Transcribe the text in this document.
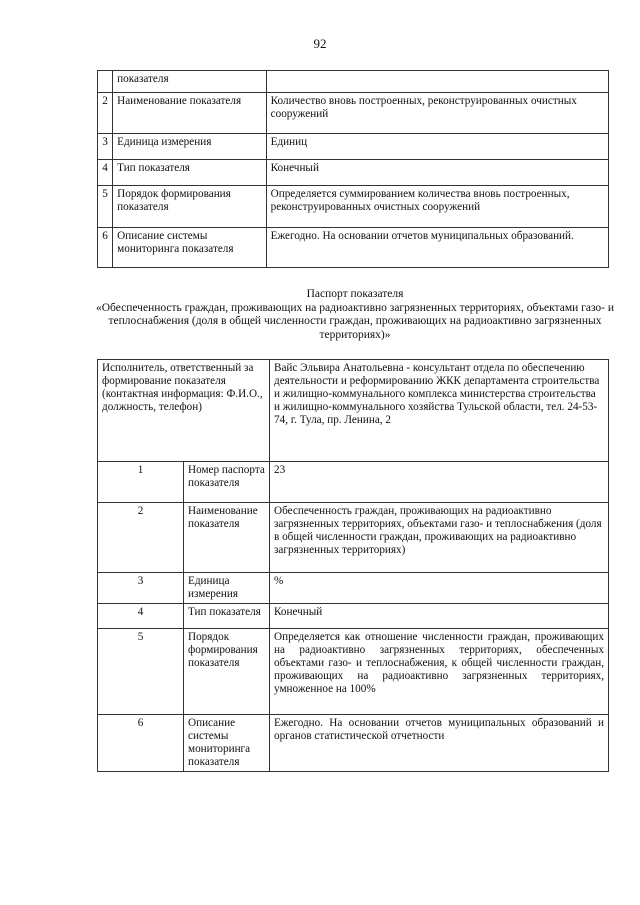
92
	показателя	
2	Наименование показателя	Количество вновь построенных, реконструированных очистных сооружений
3	Единица измерения	Единиц
4	Тип показателя	Конечный
5	Порядок формирования показателя	Определяется суммированием количества вновь построенных, реконструированных очистных сооружений
6	Описание системы мониторинга показателя	Ежегодно. На основании отчетов муниципальных образований.
Паспорт показателя
«Обеспеченность граждан, проживающих на радиоактивно загрязненных территориях, объектами газо- и теплоснабжения (доля в общей численности граждан, проживающих на радиоактивно загрязненных территориях)»
Исполнитель, ответственный за формирование показателя (контактная информация: Ф.И.О., должность, телефон)		Вайс Эльвира Анатольевна - консультант отдела по обеспечению деятельности и реформированию ЖКК департамента строительства и жилищно-коммунального комплекса министерства строительства и жилищно-коммунального хозяйства Тульской области, тел. 24-53-74, г. Тула, пр. Ленина, 2
1	Номер паспорта показателя	23
2	Наименование показателя	Обеспеченность граждан, проживающих на радиоактивно загрязненных территориях, объектами газо- и теплоснабжения (доля в общей численности граждан, проживающих на радиоактивно загрязненных территориях)
3	Единица измерения	%
4	Тип показателя	Конечный
5	Порядок формирования показателя	Определяется как отношение численности граждан, проживающих на радиоактивно загрязненных территориях, обеспеченных объектами газо- и теплоснабжения, к общей численности граждан, проживающих на радиоактивно загрязненных территориях, умноженное на 100%
6	Описание системы мониторинга показателя	Ежегодно. На основании отчетов муниципальных образований и органов статистической отчетности
